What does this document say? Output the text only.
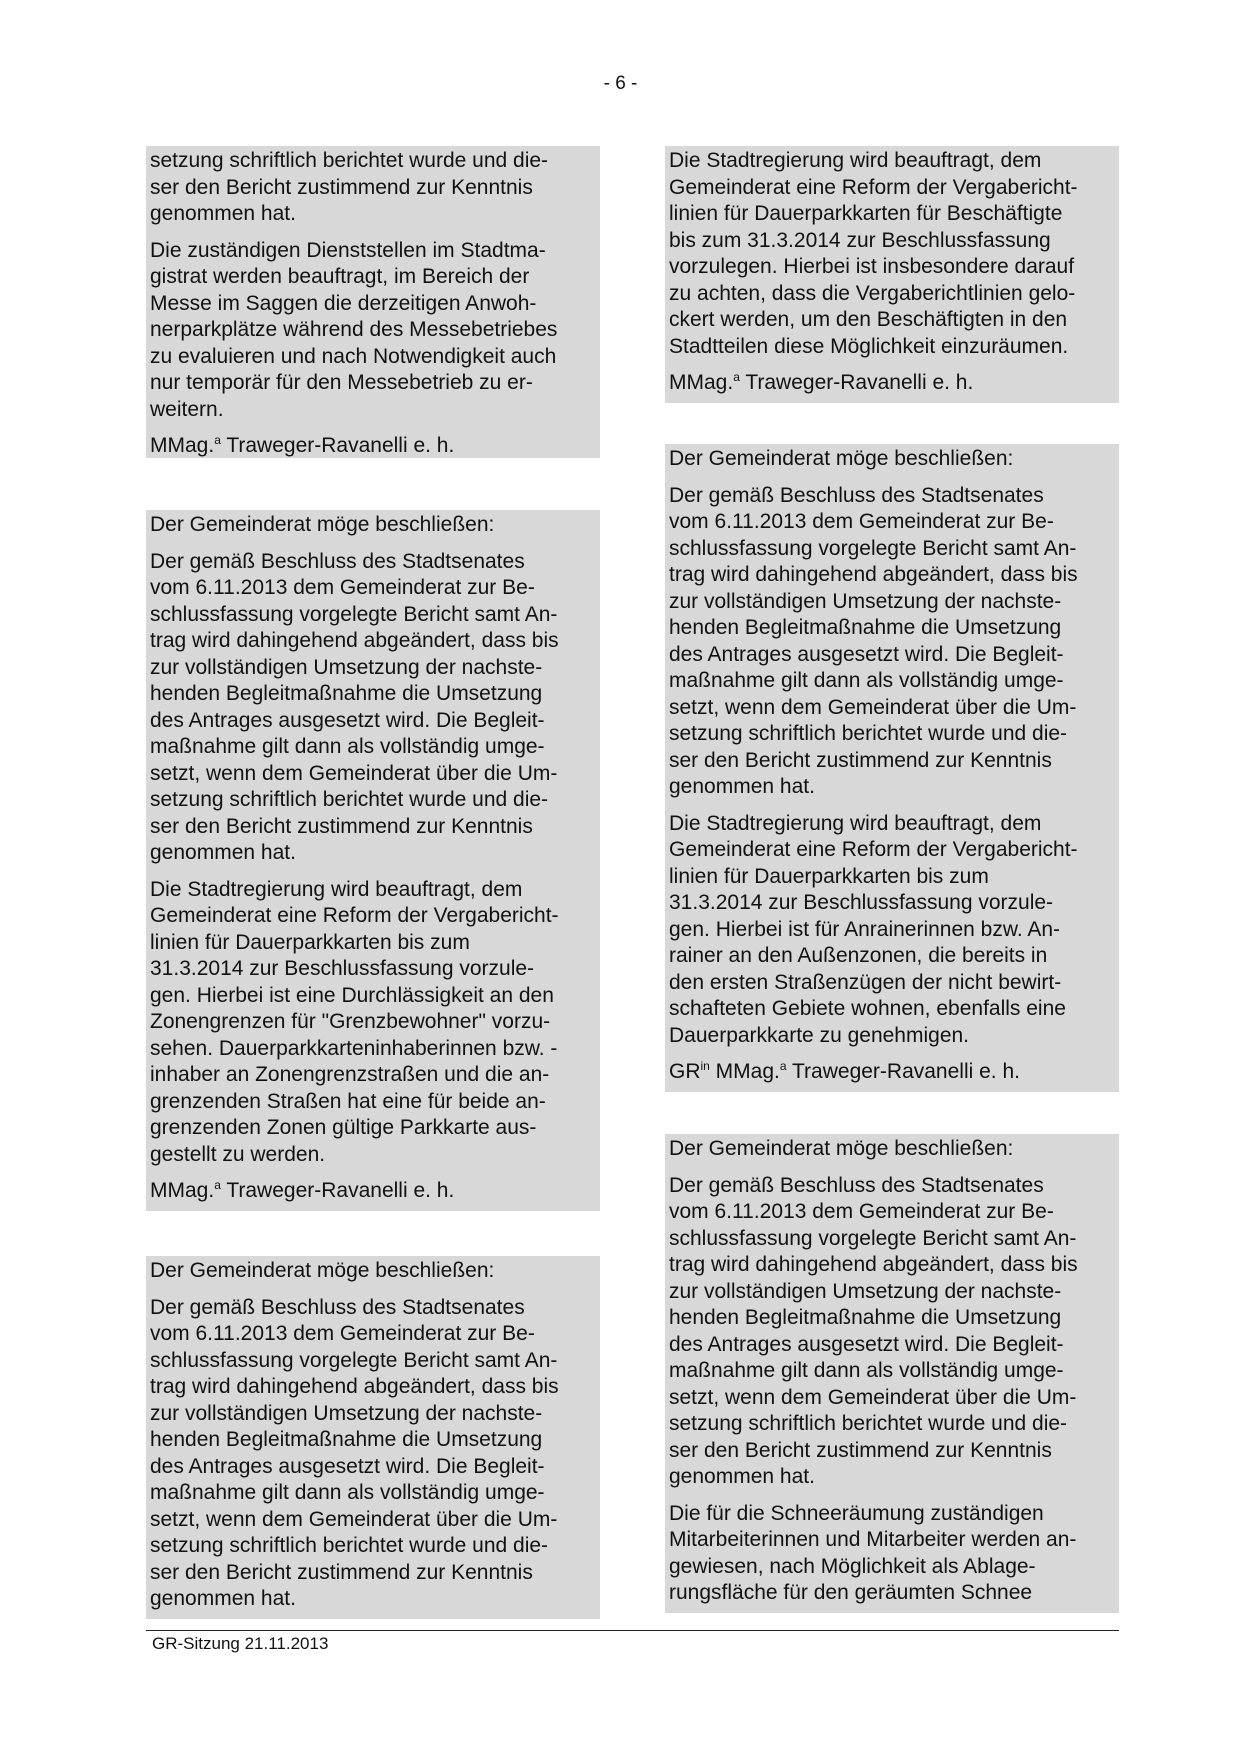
- 6 -

setzung schriftlich berichtet wurde und die-
ser den Bericht zustimmend zur Kenntnis
genommen hat.

Die zuständigen Dienststellen im Stadtma-
gistrat werden beauftragt, im Bereich der
Messe im Saggen die derzeitigen Anwoh-
nerparkplätze während des Messebetriebes
zu evaluieren und nach Notwendigkeit auch
nur temporär für den Messebetrieb zu er-
weitern.

MMag.$^a$ Traweger-Ravanelli e. h.

Der Gemeinderat möge beschließen:

Der gemäß Beschluss des Stadtsenates
vom 6.11.2013 dem Gemeinderat zur Be-
schlussfassung vorgelegte Bericht samt An-
trag wird dahingehend abgeändert, dass bis
zur vollständigen Umsetzung der nachste-
henden Begleitmaßnahme die Umsetzung
des Antrages ausgesetzt wird. Die Begleit-
maßnahme gilt dann als vollständig umge-
setzt, wenn dem Gemeinderat über die Um-
setzung schriftlich berichtet wurde und die-
ser den Bericht zustimmend zur Kenntnis
genommen hat.

Die Stadtregierung wird beauftragt, dem
Gemeinderat eine Reform der Vergabericht-
linien für Dauerparkkarten bis zum
31.3.2014 zur Beschlussfassung vorzule-
gen. Hierbei ist eine Durchlässigkeit an den
Zonengrenzen für "Grenzbewohner" vorzu-
sehen. Dauerparkkarteninhaberinnen bzw. -
inhaber an Zonengrenzstraßen und die an-
grenzenden Straßen hat eine für beide an-
grenzenden Zonen gültige Parkkarte aus-
gestellt zu werden.

MMag.$^a$ Traweger-Ravanelli e. h.

Der Gemeinderat möge beschließen:

Der gemäß Beschluss des Stadtsenates
vom 6.11.2013 dem Gemeinderat zur Be-
schlussfassung vorgelegte Bericht samt An-
trag wird dahingehend abgeändert, dass bis
zur vollständigen Umsetzung der nachste-
henden Begleitmaßnahme die Umsetzung
des Antrages ausgesetzt wird. Die Begleit-
maßnahme gilt dann als vollständig umge-
setzt, wenn dem Gemeinderat über die Um-
setzung schriftlich berichtet wurde und die-
ser den Bericht zustimmend zur Kenntnis
genommen hat.

Die Stadtregierung wird beauftragt, dem
Gemeinderat eine Reform der Vergabericht-
linien für Dauerparkkarten für Beschäftigte
bis zum 31.3.2014 zur Beschlussfassung
vorzulegen. Hierbei ist insbesondere darauf
zu achten, dass die Vergaberichtlinien gelo-
ckert werden, um den Beschäftigten in den
Stadtteilen diese Möglichkeit einzuräumen.

MMag.$^a$ Traweger-Ravanelli e. h.

Der Gemeinderat möge beschließen:

Der gemäß Beschluss des Stadtsenates
vom 6.11.2013 dem Gemeinderat zur Be-
schlussfassung vorgelegte Bericht samt An-
trag wird dahingehend abgeändert, dass bis
zur vollständigen Umsetzung der nachste-
henden Begleitmaßnahme die Umsetzung
des Antrages ausgesetzt wird. Die Begleit-
maßnahme gilt dann als vollständig umge-
setzt, wenn dem Gemeinderat über die Um-
setzung schriftlich berichtet wurde und die-
ser den Bericht zustimmend zur Kenntnis
genommen hat.

Die Stadtregierung wird beauftragt, dem
Gemeinderat eine Reform der Vergabericht-
linien für Dauerparkkarten bis zum
31.3.2014 zur Beschlussfassung vorzule-
gen. Hierbei ist für Anrainerinnen bzw. An-
rainer an den Außenzonen, die bereits in
den ersten Straßenzügen der nicht bewirt-
schafteten Gebiete wohnen, ebenfalls eine
Dauerparkkarte zu genehmigen.

$GR^{in}$ MMag.$^a$ Traweger-Ravanelli e. h.

Der Gemeinderat möge beschließen:

Der gemäß Beschluss des Stadtsenates
vom 6.11.2013 dem Gemeinderat zur Be-
schlussfassung vorgelegte Bericht samt An-
trag wird dahingehend abgeändert, dass bis
zur vollständigen Umsetzung der nachste-
henden Begleitmaßnahme die Umsetzung
des Antrages ausgesetzt wird. Die Begleit-
maßnahme gilt dann als vollständig umge-
setzt, wenn dem Gemeinderat über die Um-
setzung schriftlich berichtet wurde und die-
ser den Bericht zustimmend zur Kenntnis
genommen hat.

Die für die Schneeräumung zuständigen
Mitarbeiterinnen und Mitarbeiter werden an-
gewiesen, nach Möglichkeit als Ablage-
rungsfläche für den geräumten Schnee

GR-Sitzung 21.11.2013
